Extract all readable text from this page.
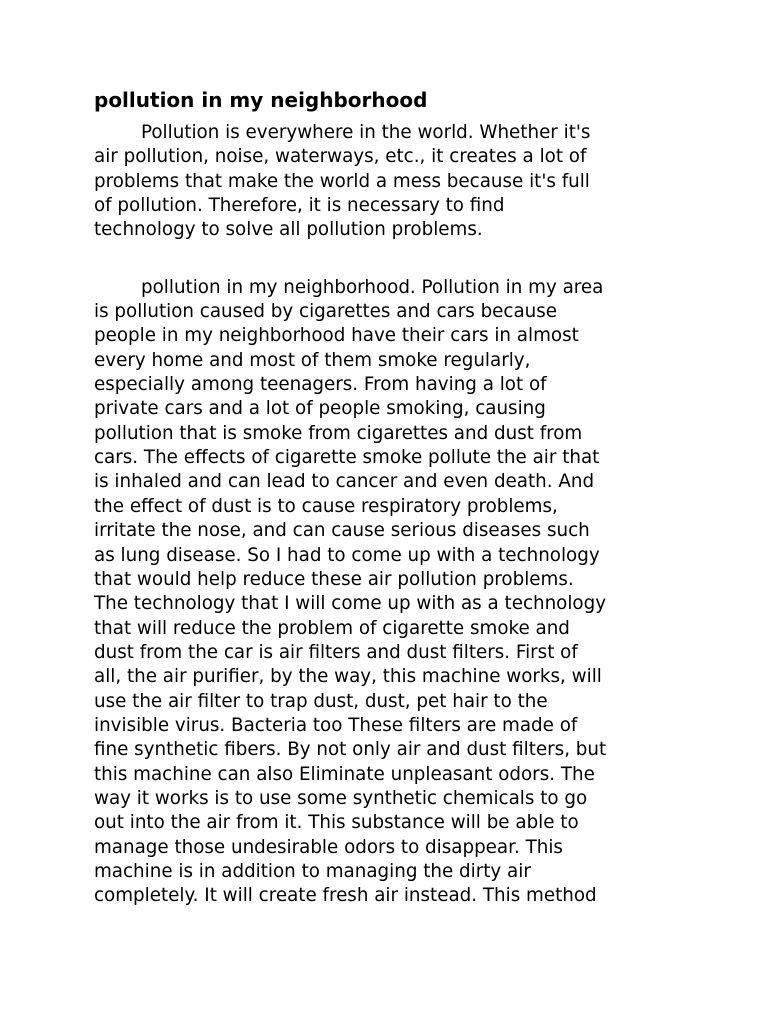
pollution in my neighborhood

Pollution is everywhere in the world. Whether it's
air pollution, noise, waterways, etc., it creates a lot of
problems that make the world a mess because it's full
of pollution. Therefore, it is necessary to find
technology to solve all pollution problems.

pollution in my neighborhood. Pollution in my area
is pollution caused by cigarettes and cars because
people in my neighborhood have their cars in almost
every home and most of them smoke regularly,
especially among teenagers. From having a lot of
private cars and a lot of people smoking, causing
pollution that is smoke from cigarettes and dust from
cars. The effects of cigarette smoke pollute the air that
is inhaled and can lead to cancer and even death. And
the effect of dust is to cause respiratory problems,
irritate the nose, and can cause serious diseases such
as lung disease. So I had to come up with a technology
that would help reduce these air pollution problems.
The technology that I will come up with as a technology
that will reduce the problem of cigarette smoke and
dust from the car is air filters and dust filters. First of
all, the air purifier, by the way, this machine works, will
use the air filter to trap dust, dust, pet hair to the
invisible virus. Bacteria too These filters are made of
fine synthetic fibers. By not only air and dust filters, but
this machine can also Eliminate unpleasant odors. The
way it works is to use some synthetic chemicals to go
out into the air from it. This substance will be able to
manage those undesirable odors to disappear. This
machine is in addition to managing the dirty air
completely. It will create fresh air instead. This method
